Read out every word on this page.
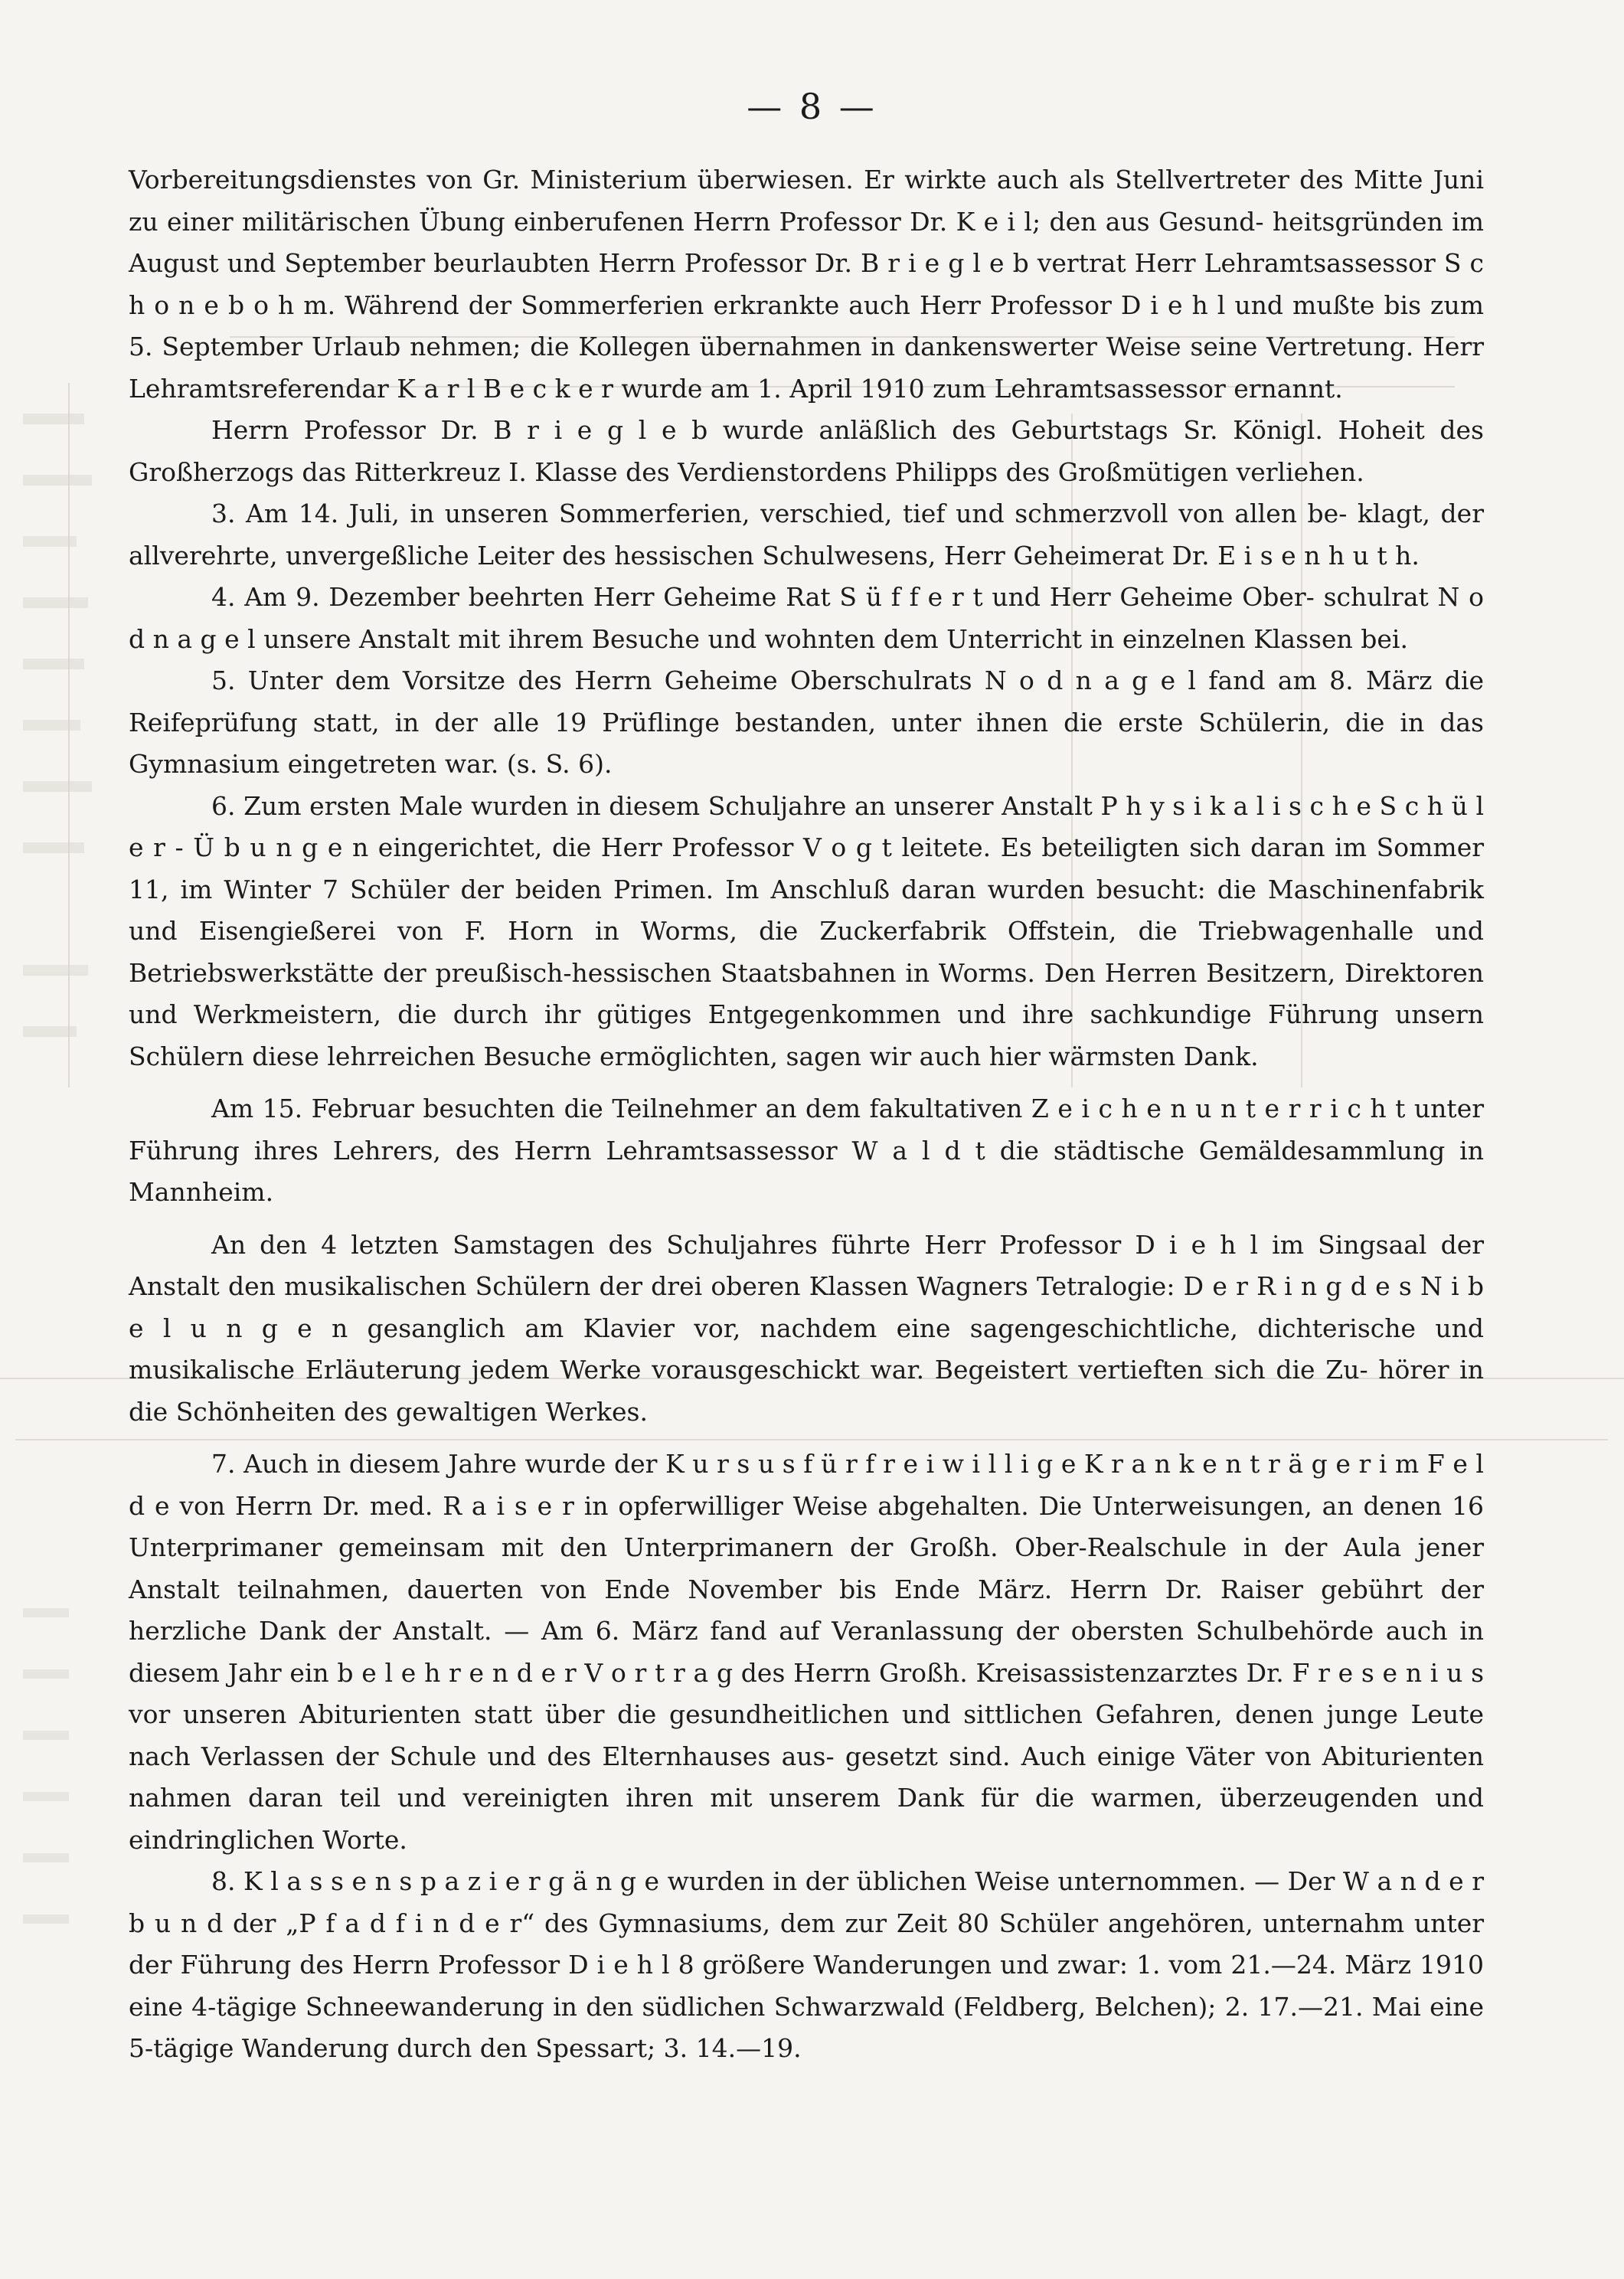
— 8 —

Vorbereitungsdienstes von Gr. Ministerium überwiesen. Er wirkte auch als Stellvertreter des Mitte Juni zu einer militärischen Übung einberufenen Herrn Professor Dr. K e i l; den aus Gesund- heitsgründen im August und September beurlaubten Herrn Professor Dr. B r i e g l e b vertrat Herr Lehramtsassessor S c h o n e b o h m. Während der Sommerferien erkrankte auch Herr Professor D i e h l und mußte bis zum 5. September Urlaub nehmen; die Kollegen übernahmen in dankenswerter Weise seine Vertretung. Herr Lehramtsreferendar K a r l B e c k e r wurde am 1. April 1910 zum Lehramtsassessor ernannt.

Herrn Professor Dr. B r i e g l e b wurde anläßlich des Geburtstags Sr. Königl. Hoheit des Großherzogs das Ritterkreuz I. Klasse des Verdienstordens Philipps des Großmütigen verliehen.

3. Am 14. Juli, in unseren Sommerferien, verschied, tief und schmerzvoll von allen be- klagt, der allverehrte, unvergeßliche Leiter des hessischen Schulwesens, Herr Geheimerat Dr. E i s e n h u t h.

4. Am 9. Dezember beehrten Herr Geheime Rat S ü f f e r t und Herr Geheime Ober- schulrat N o d n a g e l unsere Anstalt mit ihrem Besuche und wohnten dem Unterricht in einzelnen Klassen bei.

5. Unter dem Vorsitze des Herrn Geheime Oberschulrats N o d n a g e l fand am 8. März die Reifeprüfung statt, in der alle 19 Prüflinge bestanden, unter ihnen die erste Schülerin, die in das Gymnasium eingetreten war. (s. S. 6).

6. Zum ersten Male wurden in diesem Schuljahre an unserer Anstalt P h y s i k a l i s c h e S c h ü l e r - Ü b u n g e n eingerichtet, die Herr Professor V o g t leitete. Es beteiligten sich daran im Sommer 11, im Winter 7 Schüler der beiden Primen. Im Anschluß daran wurden besucht: die Maschinenfabrik und Eisengießerei von F. Horn in Worms, die Zuckerfabrik Offstein, die Triebwagenhalle und Betriebswerkstätte der preußisch-hessischen Staatsbahnen in Worms. Den Herren Besitzern, Direktoren und Werkmeistern, die durch ihr gütiges Entgegenkommen und ihre sachkundige Führung unsern Schülern diese lehrreichen Besuche ermöglichten, sagen wir auch hier wärmsten Dank.

Am 15. Februar besuchten die Teilnehmer an dem fakultativen Z e i c h e n u n t e r r i c h t unter Führung ihres Lehrers, des Herrn Lehramtsassessor W a l d t die städtische Gemäldesammlung in Mannheim.

An den 4 letzten Samstagen des Schuljahres führte Herr Professor D i e h l im Singsaal der Anstalt den musikalischen Schülern der drei oberen Klassen Wagners Tetralogie: D e r R i n g d e s N i b e l u n g e n gesanglich am Klavier vor, nachdem eine sagengeschichtliche, dichterische und musikalische Erläuterung jedem Werke vorausgeschickt war. Begeistert vertieften sich die Zu- hörer in die Schönheiten des gewaltigen Werkes.

7. Auch in diesem Jahre wurde der K u r s u s f ü r f r e i w i l l i g e K r a n k e n t r ä g e r i m F e l d e von Herrn Dr. med. R a i s e r in opferwilliger Weise abgehalten. Die Unterweisungen, an denen 16 Unterprimaner gemeinsam mit den Unterprimanern der Großh. Ober-Realschule in der Aula jener Anstalt teilnahmen, dauerten von Ende November bis Ende März. Herrn Dr. Raiser gebührt der herzliche Dank der Anstalt. — Am 6. März fand auf Veranlassung der obersten Schulbehörde auch in diesem Jahr ein b e l e h r e n d e r V o r t r a g des Herrn Großh. Kreisassistenzarztes Dr. F r e s e n i u s vor unseren Abiturienten statt über die gesundheitlichen und sittlichen Gefahren, denen junge Leute nach Verlassen der Schule und des Elternhauses aus- gesetzt sind. Auch einige Väter von Abiturienten nahmen daran teil und vereinigten ihren mit unserem Dank für die warmen, überzeugenden und eindringlichen Worte.

8. K l a s s e n s p a z i e r g ä n g e wurden in der üblichen Weise unternommen. — Der W a n d e r b u n d der „P f a d f i n d e r“ des Gymnasiums, dem zur Zeit 80 Schüler angehören, unternahm unter der Führung des Herrn Professor D i e h l 8 größere Wanderungen und zwar: 1. vom 21.—24. März 1910 eine 4-tägige Schneewanderung in den südlichen Schwarzwald (Feldberg, Belchen); 2. 17.—21. Mai eine 5-tägige Wanderung durch den Spessart; 3. 14.—19.
